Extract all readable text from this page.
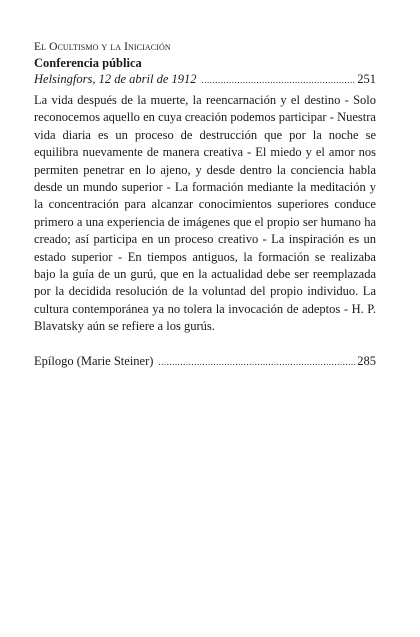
El Ocultismo y la Iniciación
Conferencia pública
Helsingfors, 12 de abril de 1912 .....	251

La vida después de la muerte, la reencarnación y el destino - Solo reconocemos aquello en cuya creación podemos participar - Nuestra vida diaria es un proceso de destrucción que por la noche se equilibra nuevamente de manera creativa - El miedo y el amor nos permiten penetrar en lo ajeno, y desde dentro la conciencia habla desde un mundo superior - La formación mediante la meditación y la concentración para alcanzar conocimientos superiores conduce primero a una experiencia de imágenes que el propio ser humano ha creado; así participa en un proceso creativo - La inspiración es un estado superior - En tiempos antiguos, la formación se realizaba bajo la guía de un gurú, que en la actualidad debe ser reemplazada por la decidida resolución de la voluntad del propio individuo. La cultura contemporánea ya no tolera la invocación de adeptos - H. P. Blavatsky aún se refiere a los gurús.

Epílogo (Marie Steiner) .....	285
